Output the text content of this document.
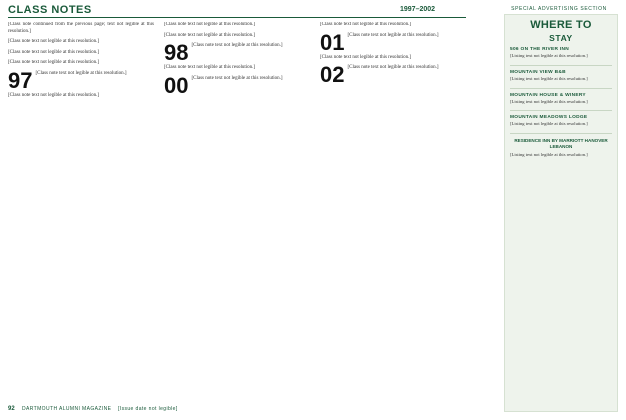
CLASS NOTES	1997–2002	SPECIAL ADVERTISING SECTION
[Class note continued from the previous page; text not legible at this resolution.]
[Class note text not legible at this resolution.]
[Class note text not legible at this resolution.]
[Class note text not legible at this resolution.]
97 [Class note text not legible at this resolution.]
[Class note text not legible at this resolution.]
[Class note text not legible at this resolution.]
[Class note text not legible at this resolution.]
98 [Class note text not legible at this resolution.]
[Class note text not legible at this resolution.]
00 [Class note text not legible at this resolution.]
[Class note text not legible at this resolution.]
01 [Class note text not legible at this resolution.]
[Class note text not legible at this resolution.]
02 [Class note text not legible at this resolution.]
WHERE TO
STAY
506 ON THE RIVER INN
[Listing text not legible at this resolution.]
MOUNTAIN VIEW B&B
[Listing text not legible at this resolution.]
MOUNTAIN HOUSE & WINERY
[Listing text not legible at this resolution.]
MOUNTAIN MEADOWS LODGE
[Listing text not legible at this resolution.]
RESIDENCE INN BY MARRIOTT HANOVER LEBANON
[Listing text not legible at this resolution.]
92 DARTMOUTH ALUMNI MAGAZINE [Issue date not legible]
